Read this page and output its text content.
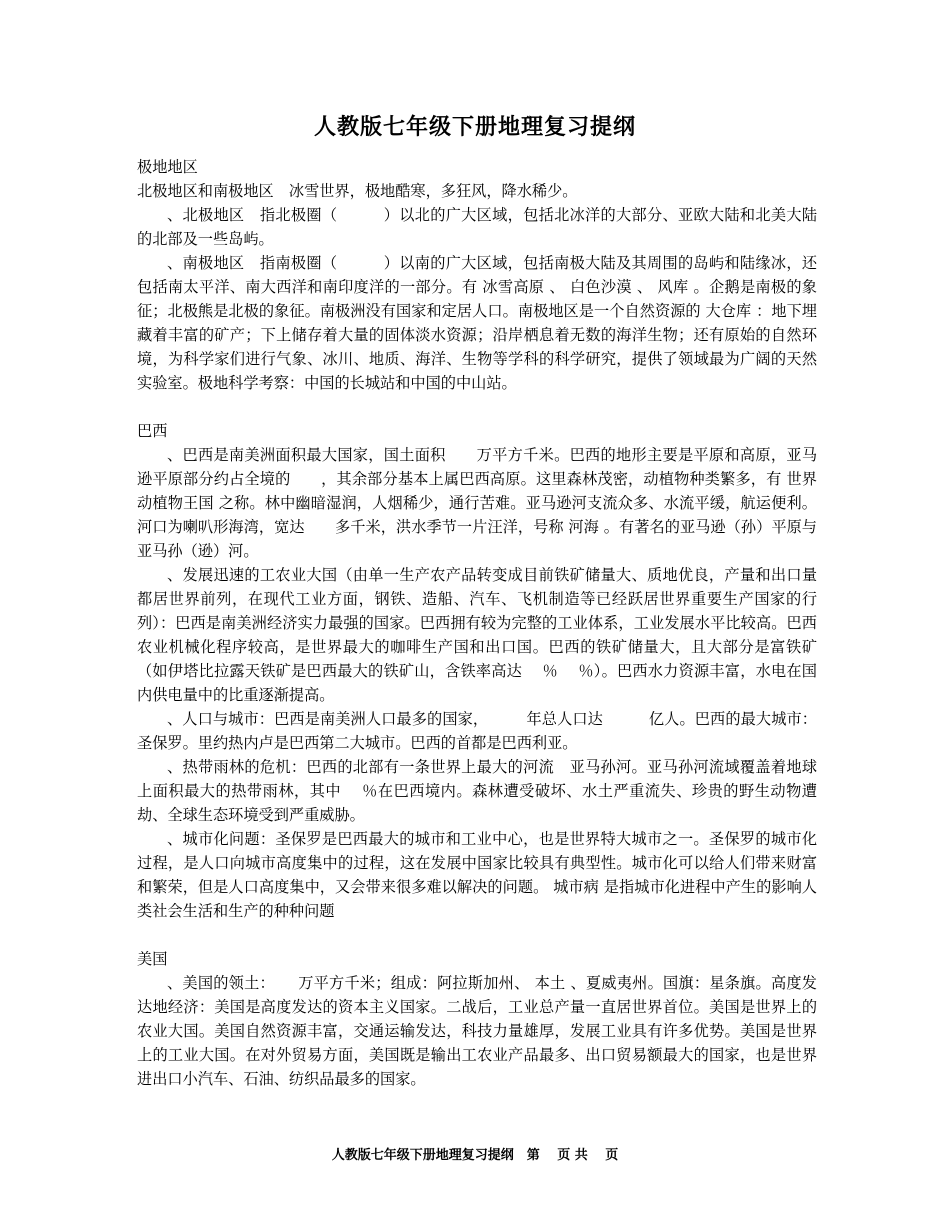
人教版七年级下册地理复习提纲

极地地区

北极地区和南极地区　冰雪世界，极地酷寒，多狂风，降水稀少。

、北极地区　指北极圈（　　　）以北的广大区域，包括北冰洋的大部分、亚欧大陆和北美大陆的北部及一些岛屿。

、南极地区　指南极圈（　　　）以南的广大区域，包括南极大陆及其周围的岛屿和陆缘冰，还包括南太平洋、南大西洋和南印度洋的一部分。有 冰雪高原 、 白色沙漠 、 风库 。企鹅是南极的象征；北极熊是北极的象征。南极洲没有国家和定居人口。南极地区是一个自然资源的 大仓库 ：地下埋藏着丰富的矿产；下上储存着大量的固体淡水资源；沿岸栖息着无数的海洋生物；还有原始的自然环境，为科学家们进行气象、冰川、地质、海洋、生物等学科的科学研究，提供了领域最为广阔的天然实验室。极地科学考察：中国的长城站和中国的中山站。

巴西

、巴西是南美洲面积最大国家，国土面积　　万平方千米。巴西的地形主要是平原和高原，亚马逊平原部分约占全境的　　，其余部分基本上属巴西高原。这里森林茂密，动植物种类繁多，有 世界动植物王国 之称。林中幽暗湿润，人烟稀少，通行苦难。亚马逊河支流众多、水流平缓，航运便利。河口为喇叭形海湾，宽达　　多千米，洪水季节一片汪洋，号称 河海 。有著名的亚马逊（孙）平原与亚马孙（逊）河。

、发展迅速的工农业大国（由单一生产农产品转变成目前铁矿储量大、质地优良，产量和出口量都居世界前列，在现代工业方面，钢铁、造船、汽车、飞机制造等已经跃居世界重要生产国家的行列）：巴西是南美洲经济实力最强的国家。巴西拥有较为完整的工业体系，工业发展水平比较高。巴西农业机械化程序较高，是世界最大的咖啡生产国和出口国。巴西的铁矿储量大，且大部分是富铁矿（如伊塔比拉露天铁矿是巴西最大的铁矿山，含铁率高达　 ％　 ％）。巴西水力资源丰富，水电在国内供电量中的比重逐渐提高。

、人口与城市：巴西是南美洲人口最多的国家，　　　年总人口达　　　亿人。巴西的最大城市：圣保罗。里约热内卢是巴西第二大城市。巴西的首都是巴西利亚。

、热带雨林的危机：巴西的北部有一条世界上最大的河流　亚马孙河。亚马孙河流域覆盖着地球上面积最大的热带雨林，其中　 ％在巴西境内。森林遭受破坏、水土严重流失、珍贵的野生动物遭劫、全球生态环境受到严重威胁。

、城市化问题：圣保罗是巴西最大的城市和工业中心，也是世界特大城市之一。圣保罗的城市化过程，是人口向城市高度集中的过程，这在发展中国家比较具有典型性。城市化可以给人们带来财富和繁荣，但是人口高度集中，又会带来很多难以解决的问题。 城市病 是指城市化进程中产生的影响人类社会生活和生产的种种问题

美国

、美国的领土：　　万平方千米；组成：阿拉斯加州、 本土 、夏威夷州。国旗：星条旗。高度发达地经济：美国是高度发达的资本主义国家。二战后，工业总产量一直居世界首位。美国是世界上的农业大国。美国自然资源丰富，交通运输发达，科技力量雄厚，发展工业具有许多优势。美国是世界上的工业大国。在对外贸易方面，美国既是输出工农业产品最多、出口贸易额最大的国家，也是世界进出口小汽车、石油、纺织品最多的国家。

人教版七年级下册地理复习提纲　第　 页 共　 页
